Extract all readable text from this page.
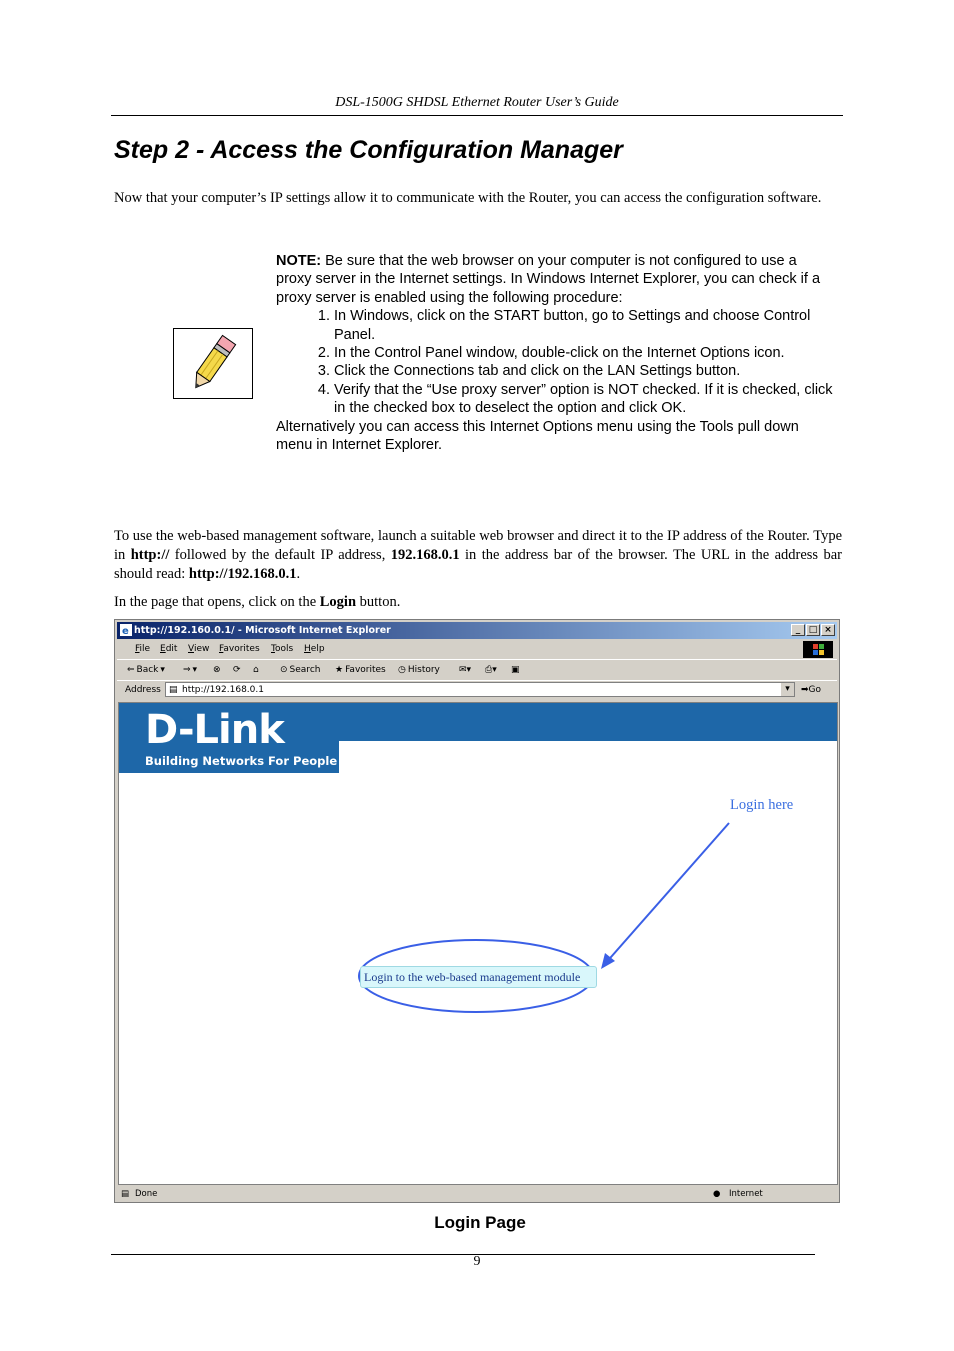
DSL-1500G SHDSL Ethernet Router User’s Guide
Step 2 - Access the Configuration Manager
Now that your computer’s IP settings allow it to communicate with the Router, you can access the configuration software.

NOTE: Be sure that the web browser on your computer is not configured to use a proxy server in the Internet settings. In Windows Internet Explorer, you can check if a proxy server is enabled using the following procedure:

1. In Windows, click on the START button, go to Settings and choose Control Panel.
2. In the Control Panel window, double-click on the Internet Options icon.
3. Click the Connections tab and click on the LAN Settings button.
4. Verify that the “Use proxy server” option is NOT checked. If it is checked, click in the checked box to deselect the option and click OK.

Alternatively you can access this Internet Options menu using the Tools pull down menu in Internet Explorer.

To use the web-based management software, launch a suitable web browser and direct it to the IP address of the Router. Type in http:// followed by the default IP address, 192.168.0.1 in the address bar of the browser. The URL in the address bar should read: http://192.168.0.1.
In the page that opens, click on the Login button.
e http://192.160.0.1/ - Microsoft Internet Explorer	_ □ ×
File Edit View Favorites Tools Help
⇐ Back ▾ ⇒ ▾ ⊗ ⟳ ⌂ ⊙ Search ★ Favorites ◷ History ✉▾ ⎙▾ ▣
Address ▤ http://192.168.0.1	▾	➡Go
D-Link
Building Networks For People
Login here
Login to the web-based management module
▤ Done	● Internet
Login Page
9
